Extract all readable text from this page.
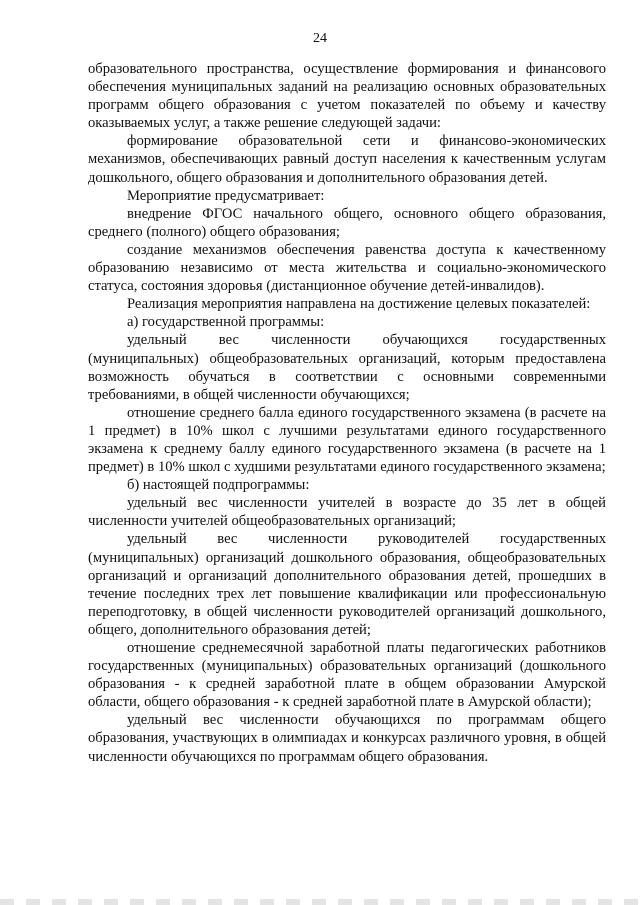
24

образовательного пространства, осуществление формирования и финансового обеспечения муниципальных заданий на реализацию основных образовательных программ общего образования с учетом показателей по объему и качеству оказываемых услуг, а также решение следующей задачи:

формирование образовательной сети и финансово-экономических механизмов, обеспечивающих равный доступ населения к качественным услугам дошкольного, общего образования и дополнительного образования детей.

Мероприятие предусматривает:

внедрение ФГОС начального общего, основного общего образования, среднего (полного) общего образования;

создание механизмов обеспечения равенства доступа к качественному образованию независимо от места жительства и социально-экономического статуса, состояния здоровья (дистанционное обучение детей-инвалидов).

Реализация мероприятия направлена на достижение целевых показателей:

а) государственной программы:

удельный вес численности обучающихся государственных (муниципальных) общеобразовательных организаций, которым предоставлена возможность обучаться в соответствии с основными современными требованиями, в общей численности обучающихся;

отношение среднего балла единого государственного экзамена (в расчете на 1 предмет) в 10% школ с лучшими результатами единого государственного экзамена к среднему баллу единого государственного экзамена (в расчете на 1 предмет) в 10% школ с худшими результатами единого государственного экзамена;

б) настоящей подпрограммы:

удельный вес численности учителей в возрасте до 35 лет в общей численности учителей общеобразовательных организаций;

удельный вес численности руководителей государственных (муниципальных) организаций дошкольного образования, общеобразовательных организаций и организаций дополнительного образования детей, прошедших в течение последних трех лет повышение квалификации или профессиональную переподготовку, в общей численности руководителей организаций дошкольного, общего, дополнительного образования детей;

отношение среднемесячной заработной платы педагогических работников государственных (муниципальных) образовательных организаций (дошкольного образования - к средней заработной плате в общем образовании Амурской области, общего образования - к средней заработной плате в Амурской области);

удельный вес численности обучающихся по программам общего образования, участвующих в олимпиадах и конкурсах различного уровня, в общей численности обучающихся по программам общего образования.
